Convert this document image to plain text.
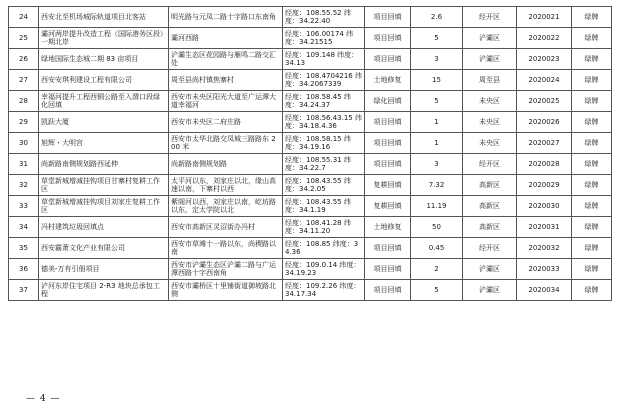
24	西安北至机场城际轨道项目北客站	明光路与元凤二路十字路口东南角	经度：108.55.52 纬度：34.22.40	项目回填	2.6	经开区	2020021	绿牌
25	灞河两岸提升改造工程（国际港务区段）一期北岸	灞河西路	经度：106.00174 纬度：34.21515	项目回填	5	浐灞区	2020022	绿牌
26	绿地国际生态城二期 83 亩项目	浐灞生态区花园路与雁鸣二路交汇处	经度：109.148 纬度：34.13	项目回填	3	浐灞区	2020023	绿牌
27	西安安琪利建设工程有限公司	周至县尚村镇焦寨村	经度：108.4704216 纬度：34.2067339	土地修复	15	周至县	2020024	绿牌
28	幸福河提升工程西铜公路至入渭口段绿化回填	西安市未央区阳光大道至广运潭大道幸福河	经度：108.58.45 纬度：34.24.37	绿化回填	5	未央区	2020025	绿牌
29	凯跃大厦	西安市未央区二府庄路	经度：108.56.43.15 纬度：34.18.4.36	项目回填	1	未央区	2020026	绿牌
30	旭辉・大明宫	西安市太华北路交凤城三路路东 200 米	经度：108.58.15 纬度：34.19.16	项目回填	1	未央区	2020027	绿牌
31	尚新路南侧规划路西延伸	尚新路南侧规划路	经度：108.55.31 纬度：34.22.7	项目回填	3	经开区	2020028	绿牌
32	草堂新城增减挂钩项目甘寨村复耕工作区	太平河以东，刘家庄以北，缘山高速以南，下寨村以西	经度：108.43.55 纬度：34.2.05	复耕回填	7.32	高新区	2020029	绿牌
33	草堂新城增减挂钩项目刘家庄复耕工作区	紫阁河以西，刘家庄以南，屹坊路以东，定太学院以北	经度：108.43.55 纬度：34.1.19	复耕回填	11.19	高新区	2020030	绿牌
34	冯村建筑垃圾回填点	西安市高新区灵沼街办冯村	经度：108.41.28 纬度：34.11.20	土地修复	50	高新区	2020031	绿牌
35	西安霸萧文化产业有限公司	西安市草滩十一路以东，尚稷路以南	经度：108.85 纬度：34.36	项目回填	0.45	经开区	2020032	绿牌
36	德美-万有引佃项目	西安市浐灞生态区浐灞二路与广运潭西路十字西南角	经度：109.0.14 纬度：34.19.23	项目回填	2	浐灞区	2020033	绿牌
37	浐河东岸住宅项目 2-R3 地块总承包工程	西安市灞桥区十里铺街道御坡路北侧	经度：109.2.26 纬度：34.17.34	项目回填	5	浐灞区	2020034	绿牌
— 4 —
